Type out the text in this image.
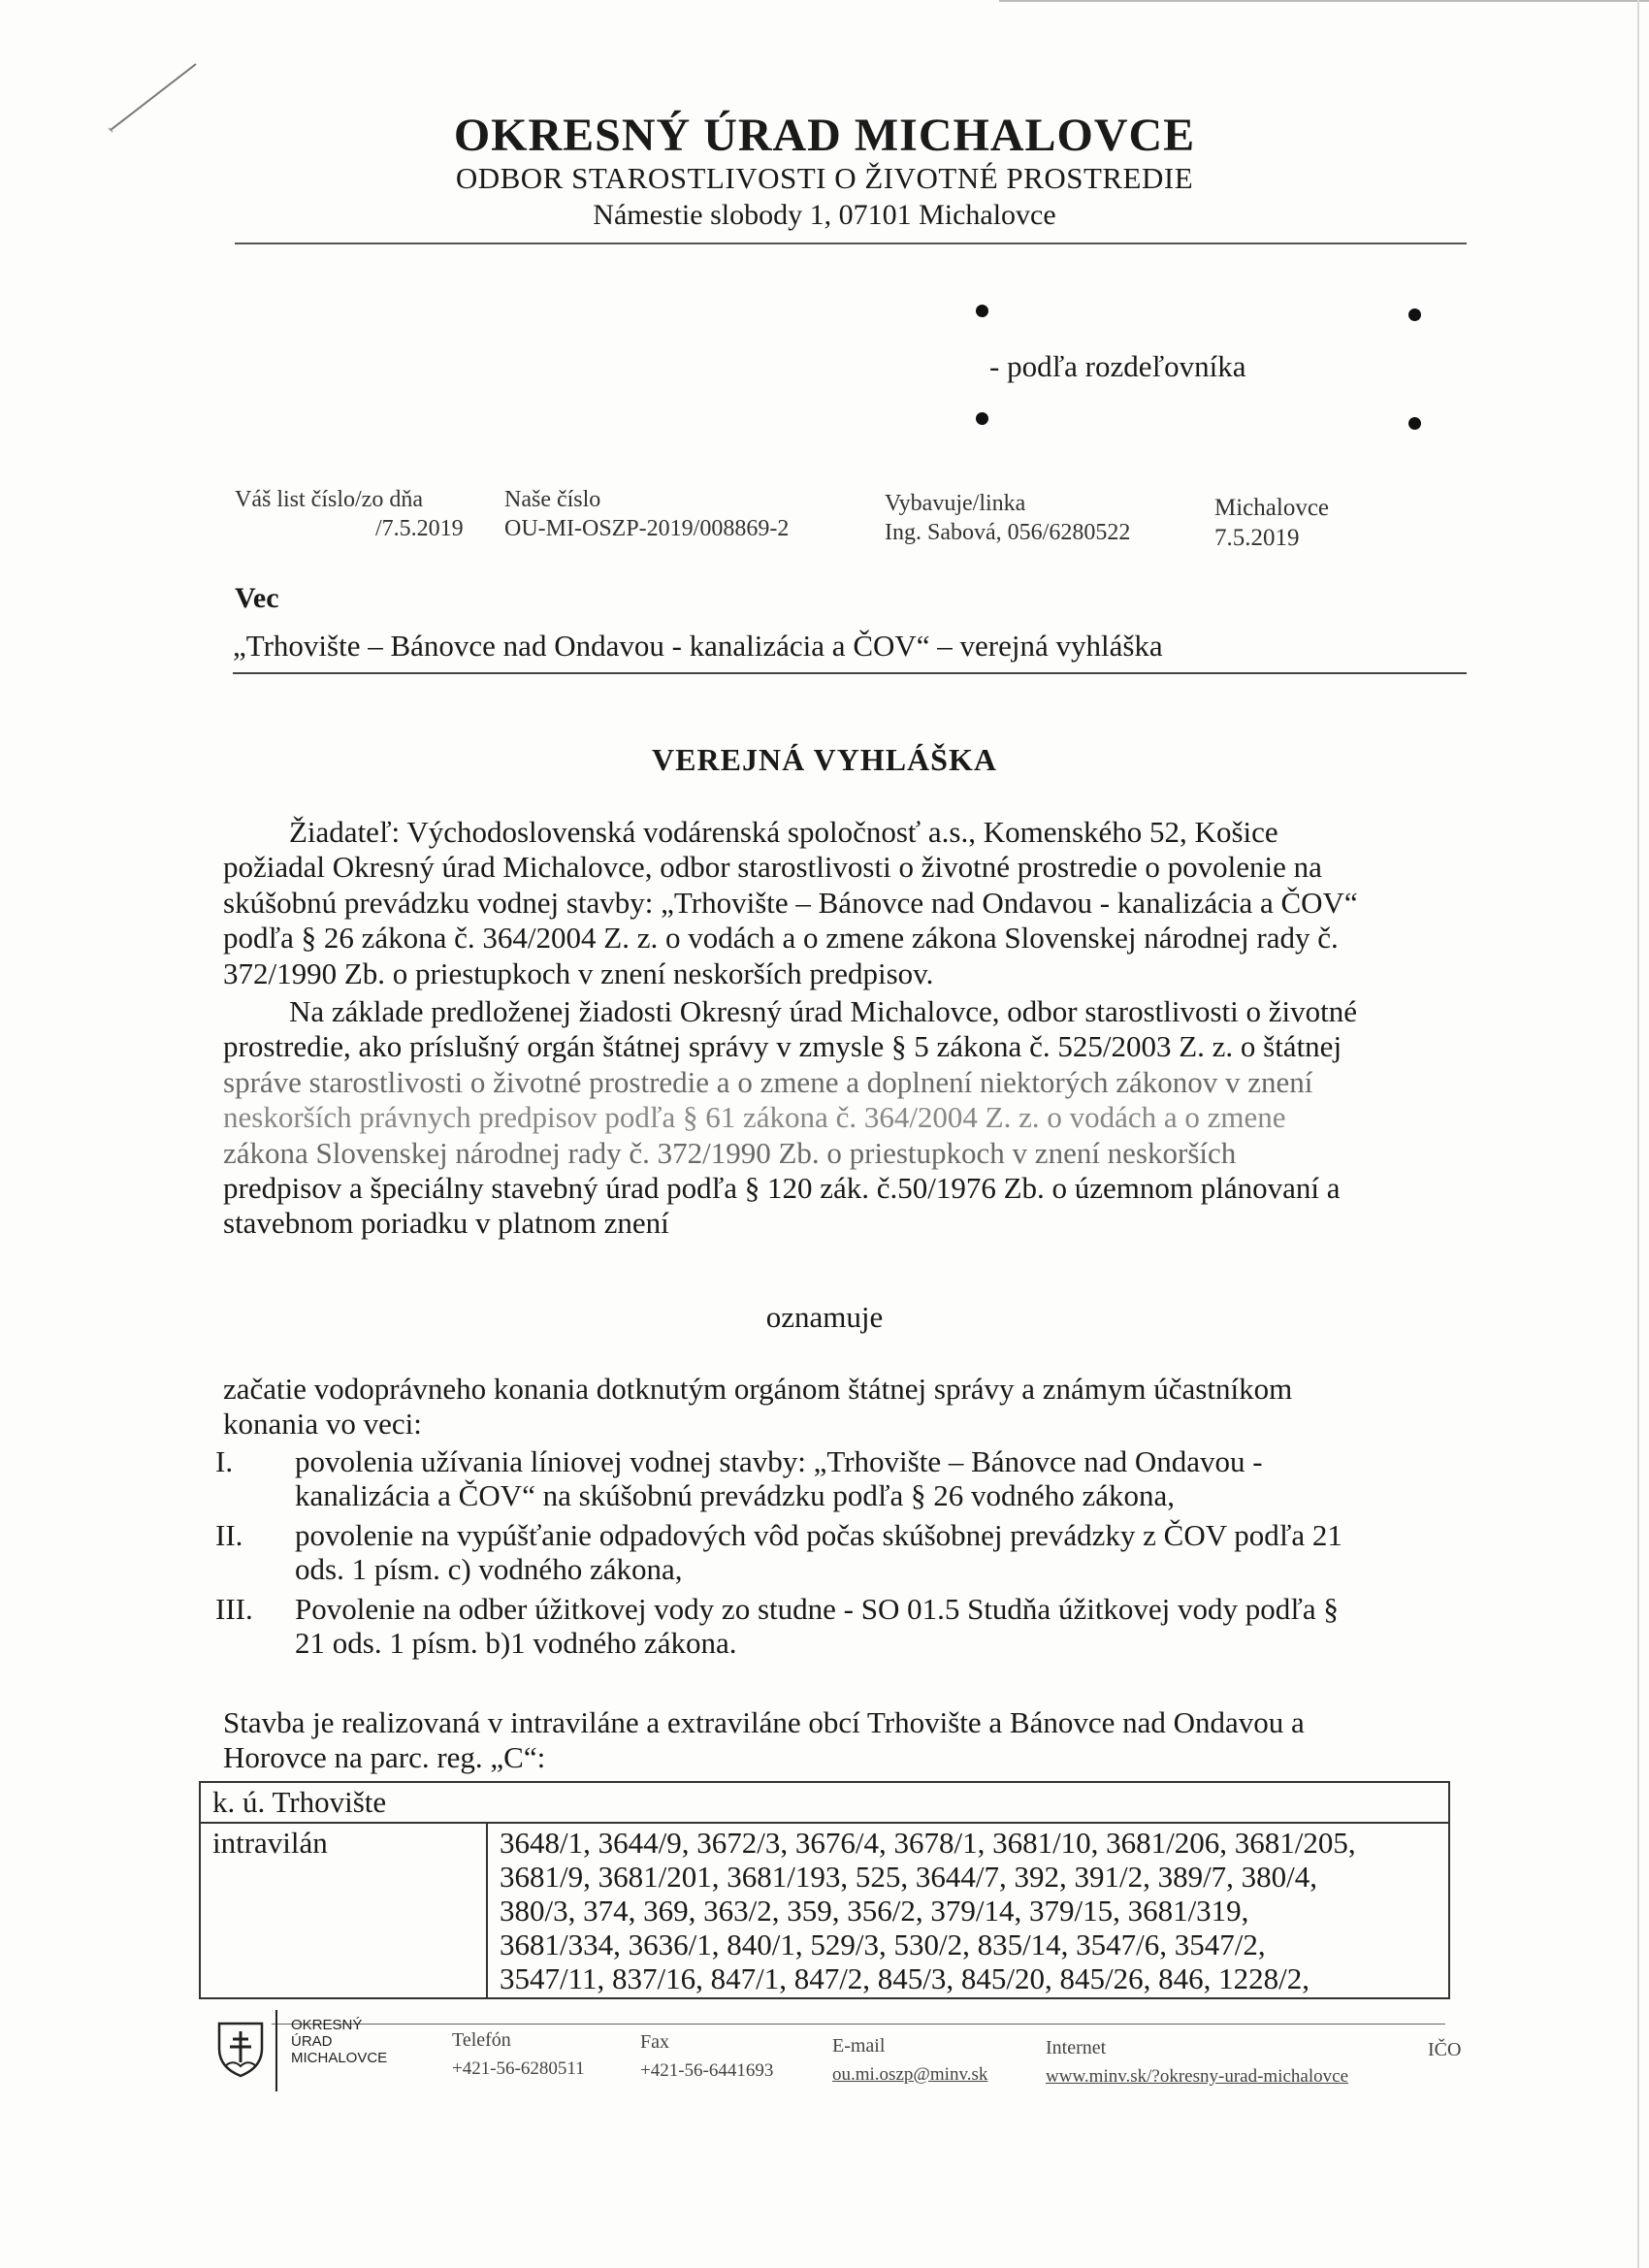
OKRESNÝ ÚRAD MICHALOVCE
ODBOR STAROSTLIVOSTI O ŽIVOTNÉ PROSTREDIE
Námestie slobody 1, 07101 Michalovce
- podľa rozdeľovníka
Váš list číslo/zo dňa
/7.5.2019
Naše číslo
OU-MI-OSZP-2019/008869-2
Vybavuje/linka
Ing. Sabová, 056/6280522
Michalovce
7.5.2019
Vec
„Trhovište – Bánovce nad Ondavou - kanalizácia a ČOV“ – verejná vyhláška
VEREJNÁ VYHLÁŠKA
Žiadateľ: Východoslovenská vodárenská spoločnosť a.s., Komenského 52, Košice
požiadal Okresný úrad Michalovce, odbor starostlivosti o životné prostredie o povolenie na
skúšobnú prevádzku vodnej stavby: „Trhovište – Bánovce nad Ondavou - kanalizácia a ČOV“
podľa § 26 zákona č. 364/2004 Z. z. o vodách a o zmene zákona Slovenskej národnej rady č.
372/1990 Zb. o priestupkoch v znení neskorších predpisov.
Na základe predloženej žiadosti Okresný úrad Michalovce, odbor starostlivosti o životné
prostredie, ako príslušný orgán štátnej správy v zmysle § 5 zákona č. 525/2003 Z. z. o štátnej
správe starostlivosti o životné prostredie a o zmene a doplnení niektorých zákonov v znení
neskorších právnych predpisov podľa § 61 zákona č. 364/2004 Z. z. o vodách a o zmene
zákona Slovenskej národnej rady č. 372/1990 Zb. o priestupkoch v znení neskorších
predpisov a špeciálny stavebný úrad podľa § 120 zák. č.50/1976 Zb. o územnom plánovaní a
stavebnom poriadku v platnom znení
oznamuje
začatie vodoprávneho konania dotknutým orgánom štátnej správy a známym účastníkom
konania vo veci:
I.	povolenia užívania líniovej vodnej stavby: „Trhovište – Bánovce nad Ondavou -
kanalizácia a ČOV“ na skúšobnú prevádzku podľa § 26 vodného zákona,
II.	povolenie na vypúšťanie odpadových vôd počas skúšobnej prevádzky z ČOV podľa 21
ods. 1 písm. c) vodného zákona,
III.	Povolenie na odber úžitkovej vody zo studne - SO 01.5 Studňa úžitkovej vody podľa §
21 ods. 1 písm. b)1 vodného zákona.
Stavba je realizovaná v intraviláne a extraviláne obcí Trhovište a Bánovce nad Ondavou a
Horovce na parc. reg. „C“:
k. ú. Trhovište
intravilán	3648/1, 3644/9, 3672/3, 3676/4, 3678/1, 3681/10, 3681/206, 3681/205,
3681/9, 3681/201, 3681/193, 525, 3644/7, 392, 391/2, 389/7, 380/4,
380/3, 374, 369, 363/2, 359, 356/2, 379/14, 379/15, 3681/319,
3681/334, 3636/1, 840/1, 529/3, 530/2, 835/14, 3547/6, 3547/2,
3547/11, 837/16, 847/1, 847/2, 845/3, 845/20, 845/26, 846, 1228/2,
OKRESNÝ
ÚRAD
MICHALOVCE
Telefón
+421-56-6280511
Fax
+421-56-6441693
E-mail
ou.mi.oszp@minv.sk
Internet
www.minv.sk/?okresny-urad-michalovce
IČO
